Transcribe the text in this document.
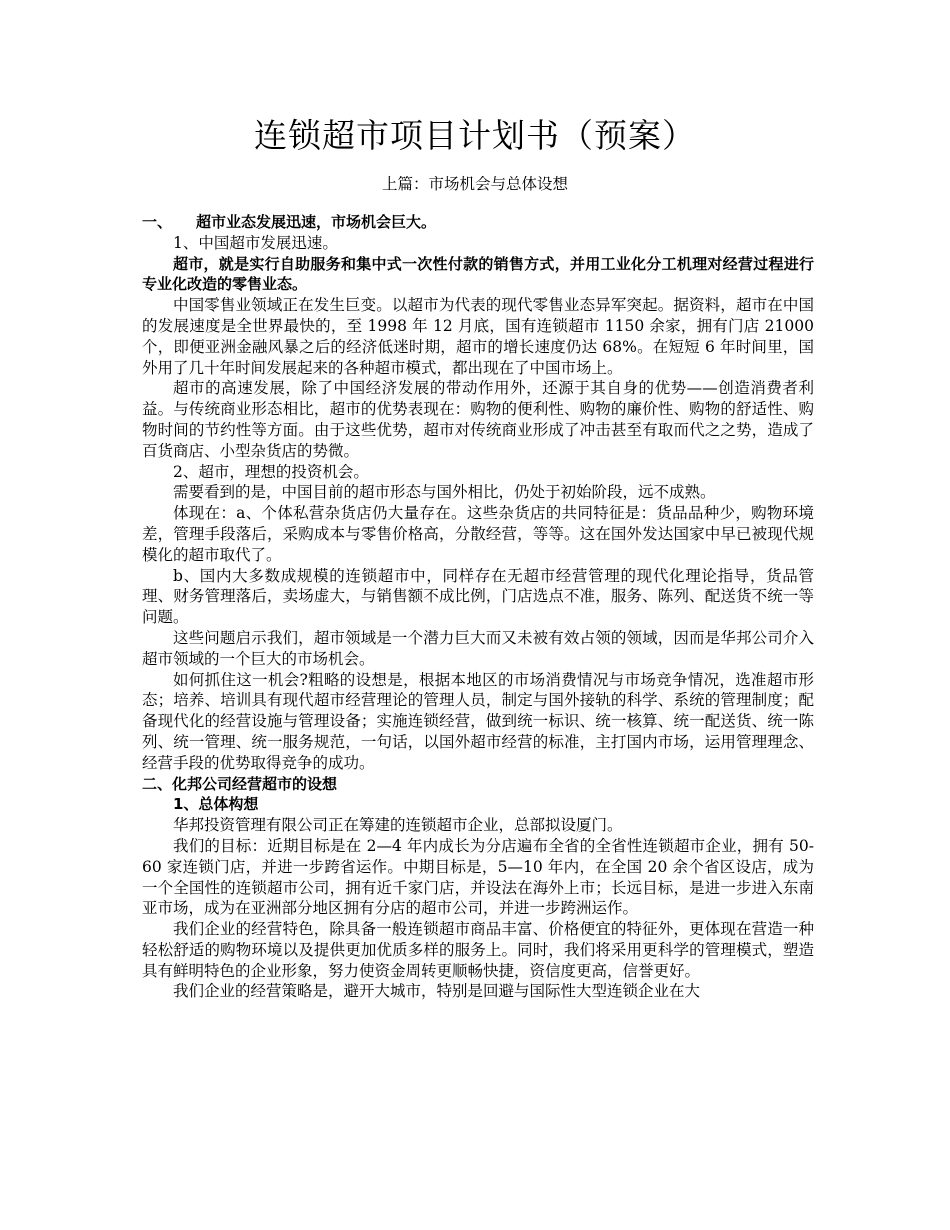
连锁超市项目计划书（预案）

上篇：市场机会与总体设想

一、 超市业态发展迅速，市场机会巨大。

1、中国超市发展迅速。

超市，就是实行自助服务和集中式一次性付款的销售方式，并用工业化分工机理对经营过程进行专业化改造的零售业态。

中国零售业领域正在发生巨变。以超市为代表的现代零售业态异军突起。据资料，超市在中国的发展速度是全世界最快的，至 1998 年 12 月底，国有连锁超市 1150 余家，拥有门店 21000 个，即便亚洲金融风暴之后的经济低迷时期，超市的增长速度仍达 68%。在短短 6 年时间里，国外用了几十年时间发展起来的各种超市模式，都出现在了中国市场上。

超市的高速发展，除了中国经济发展的带动作用外，还源于其自身的优势——创造消费者利益。与传统商业形态相比，超市的优势表现在：购物的便利性、购物的廉价性、购物的舒适性、购物时间的节约性等方面。由于这些优势，超市对传统商业形成了冲击甚至有取而代之之势，造成了百货商店、小型杂货店的势微。

2、超市，理想的投资机会。

需要看到的是，中国目前的超市形态与国外相比，仍处于初始阶段，远不成熟。

体现在：a、个体私营杂货店仍大量存在。这些杂货店的共同特征是：货品品种少，购物环境差，管理手段落后，采购成本与零售价格高，分散经营，等等。这在国外发达国家中早已被现代规模化的超市取代了。

b、国内大多数成规模的连锁超市中，同样存在无超市经营管理的现代化理论指导，货品管理、财务管理落后，卖场虚大，与销售额不成比例，门店选点不准，服务、陈列、配送货不统一等问题。

这些问题启示我们，超市领域是一个潜力巨大而又未被有效占领的领域，因而是华邦公司介入超市领域的一个巨大的市场机会。

如何抓住这一机会?粗略的设想是，根据本地区的市场消费情况与市场竞争情况，选准超市形态；培养、培训具有现代超市经营理论的管理人员，制定与国外接轨的科学、系统的管理制度；配备现代化的经营设施与管理设备；实施连锁经营，做到统一标识、统一核算、统一配送货、统一陈列、统一管理、统一服务规范，一句话，以国外超市经营的标准，主打国内市场，运用管理理念、经营手段的优势取得竞争的成功。

二、化邦公司经营超市的设想

1、总体构想

华邦投资管理有限公司正在筹建的连锁超市企业，总部拟设厦门。

我们的目标：近期目标是在 2—4 年内成长为分店遍布全省的全省性连锁超市企业，拥有 50-60 家连锁门店，并进一步跨省运作。中期目标是，5—10 年内，在全国 20 余个省区设店，成为一个全国性的连锁超市公司，拥有近千家门店，并设法在海外上市；长远目标，是进一步进入东南亚市场，成为在亚洲部分地区拥有分店的超市公司，并进一步跨洲运作。

我们企业的经营特色，除具备一般连锁超市商品丰富、价格便宜的特征外，更体现在营造一种轻松舒适的购物环境以及提供更加优质多样的服务上。同时，我们将采用更科学的管理模式，塑造具有鲜明特色的企业形象，努力使资金周转更顺畅快捷，资信度更高，信誉更好。

我们企业的经营策略是，避开大城市，特别是回避与国际性大型连锁企业在大
